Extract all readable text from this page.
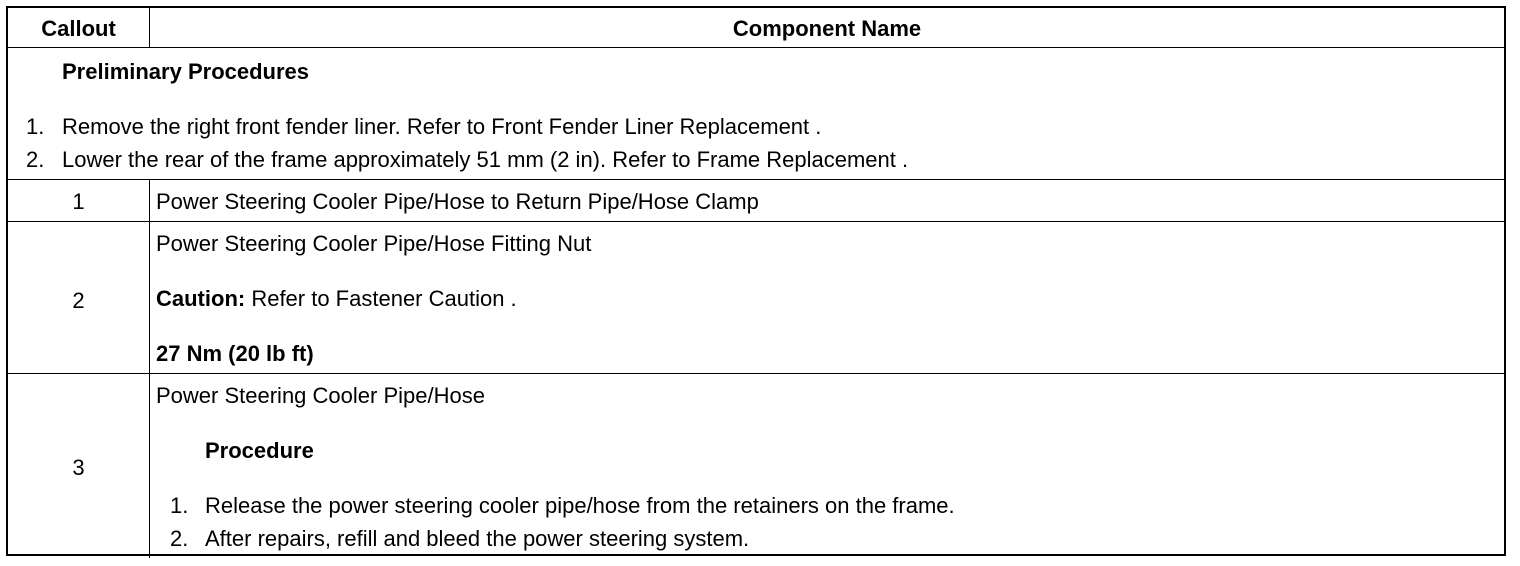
Callout	Component Name
Preliminary Procedures
1. Remove the right front fender liner. Refer to Front Fender Liner Replacement .
2. Lower the rear of the frame approximately 51 mm (2 in). Refer to Frame Replacement .
1	Power Steering Cooler Pipe/Hose to Return Pipe/Hose Clamp
2
Power Steering Cooler Pipe/Hose Fitting Nut
Caution: Refer to Fastener Caution .
27 Nm (20 lb ft)
3
Power Steering Cooler Pipe/Hose
Procedure
1. Release the power steering cooler pipe/hose from the retainers on the frame.
2. After repairs, refill and bleed the power steering system.
